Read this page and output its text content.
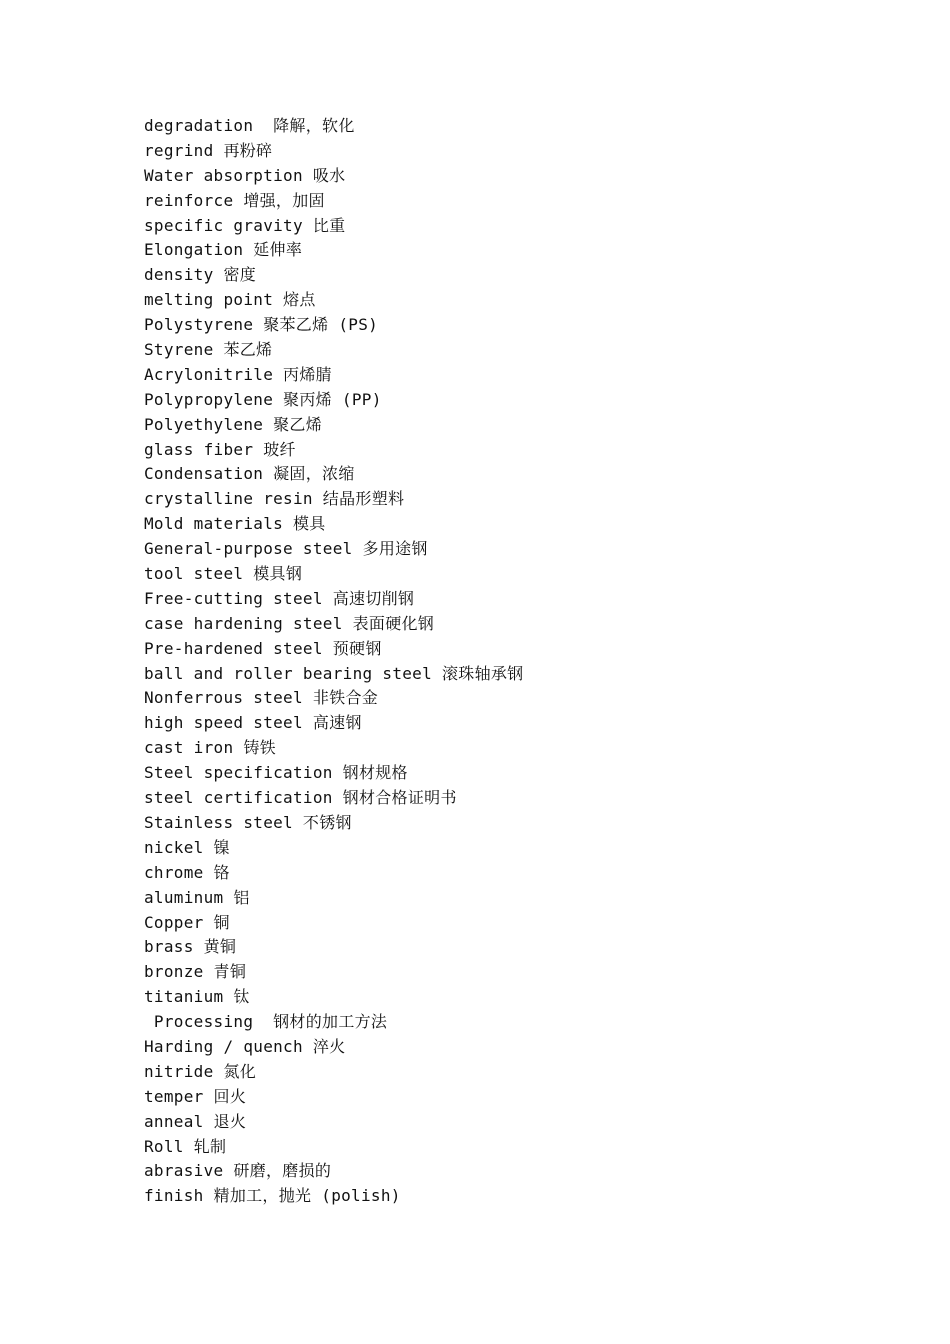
degradation  降解，软化
regrind 再粉碎
Water absorption 吸水
reinforce 增强，加固
specific gravity 比重
Elongation 延伸率
density 密度
melting point 熔点
Polystyrene 聚苯乙烯 (PS)
Styrene 苯乙烯
Acrylonitrile 丙烯腈
Polypropylene 聚丙烯 (PP)
Polyethylene 聚乙烯
glass fiber 玻纤
Condensation 凝固，浓缩
crystalline resin 结晶形塑料
Mold materials 模具
General-purpose steel 多用途钢
tool steel 模具钢
Free-cutting steel 高速切削钢
case hardening steel 表面硬化钢
Pre-hardened steel 预硬钢
ball and roller bearing steel 滚珠轴承钢
Nonferrous steel 非铁合金
high speed steel 高速钢
cast iron 铸铁
Steel specification 钢材规格
steel certification 钢材合格证明书
Stainless steel 不锈钢
nickel 镍
chrome 铬
aluminum 铝
Copper 铜
brass 黄铜
bronze 青铜
titanium 钛
Processing  钢材的加工方法
Harding / quench 淬火
nitride 氮化
temper 回火
anneal 退火
Roll 轧制
abrasive 研磨，磨损的
finish 精加工，抛光 (polish)
